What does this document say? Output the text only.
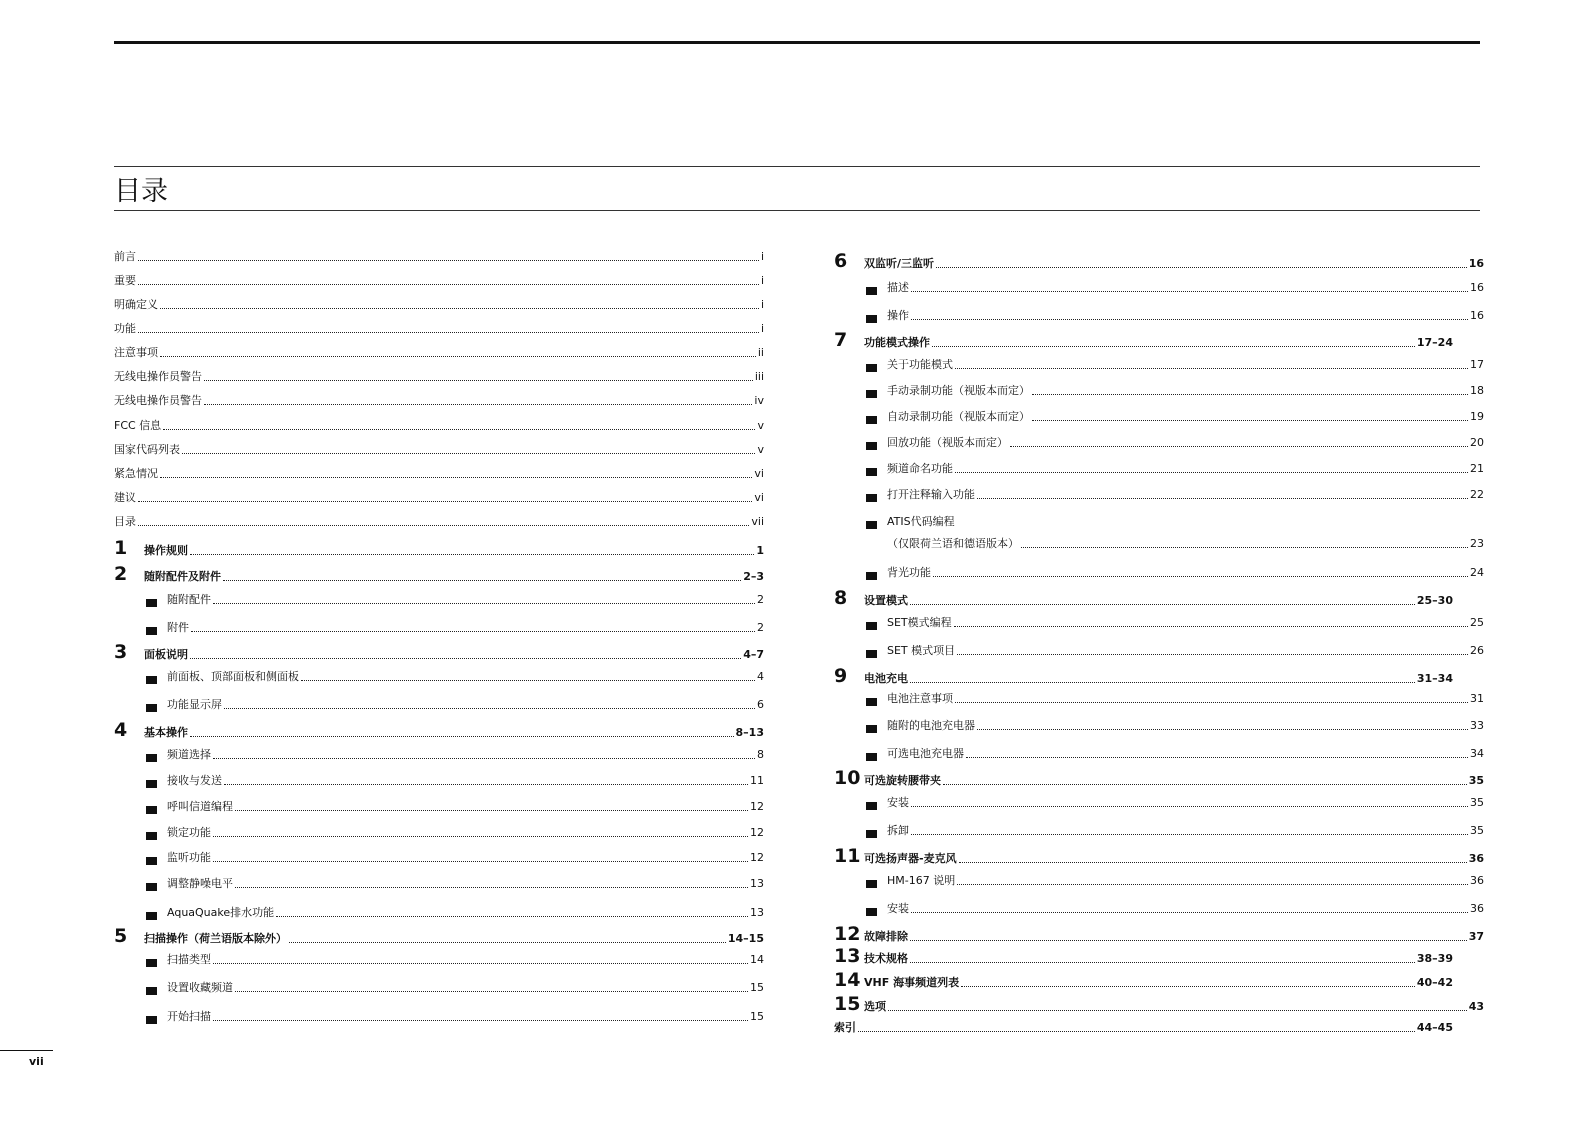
目录
前言	i
重要	i
明确定义	i
功能	i
注意事项	ii
无线电操作员警告	iii
无线电操作员警告	iv
FCC 信息	v
国家代码列表	v
紧急情况	vi
建议	vi
目录	vii
1	操作规则	1
2	随附配件及附件	2–3
随附配件	2
附件	2
3	面板说明	4–7
前面板、顶部面板和侧面板	4
功能显示屏	6
4	基本操作	8–13
频道选择	8
接收与发送	11
呼叫信道编程	12
锁定功能	12
监听功能	12
调整静噪电平	13
AquaQuake排水功能	13
5	扫描操作（荷兰语版本除外）	14–15
扫描类型	14
设置收藏频道	15
开始扫描	15
6	双监听/三监听	16
描述	16
操作	16
7	功能模式操作	17–24
关于功能模式	17
手动录制功能（视版本而定）	18
自动录制功能（视版本而定）	19
回放功能（视版本而定）	20
频道命名功能	21
打开注释输入功能	22
ATIS代码编程
（仅限荷兰语和德语版本）	23
背光功能	24
8	设置模式	25–30
SET模式编程	25
SET 模式项目	26
9	电池充电	31–34
电池注意事项	31
随附的电池充电器	33
可选电池充电器	34
10 可选旋转腰带夹	35
安装	35
拆卸	35
11 可选扬声器-麦克风	36
HM-167 说明	36
安装	36
12 故障排除	37
13 技术规格	38–39
14 VHF 海事频道列表	40–42
15 选项	43
索引	44–45
vii
